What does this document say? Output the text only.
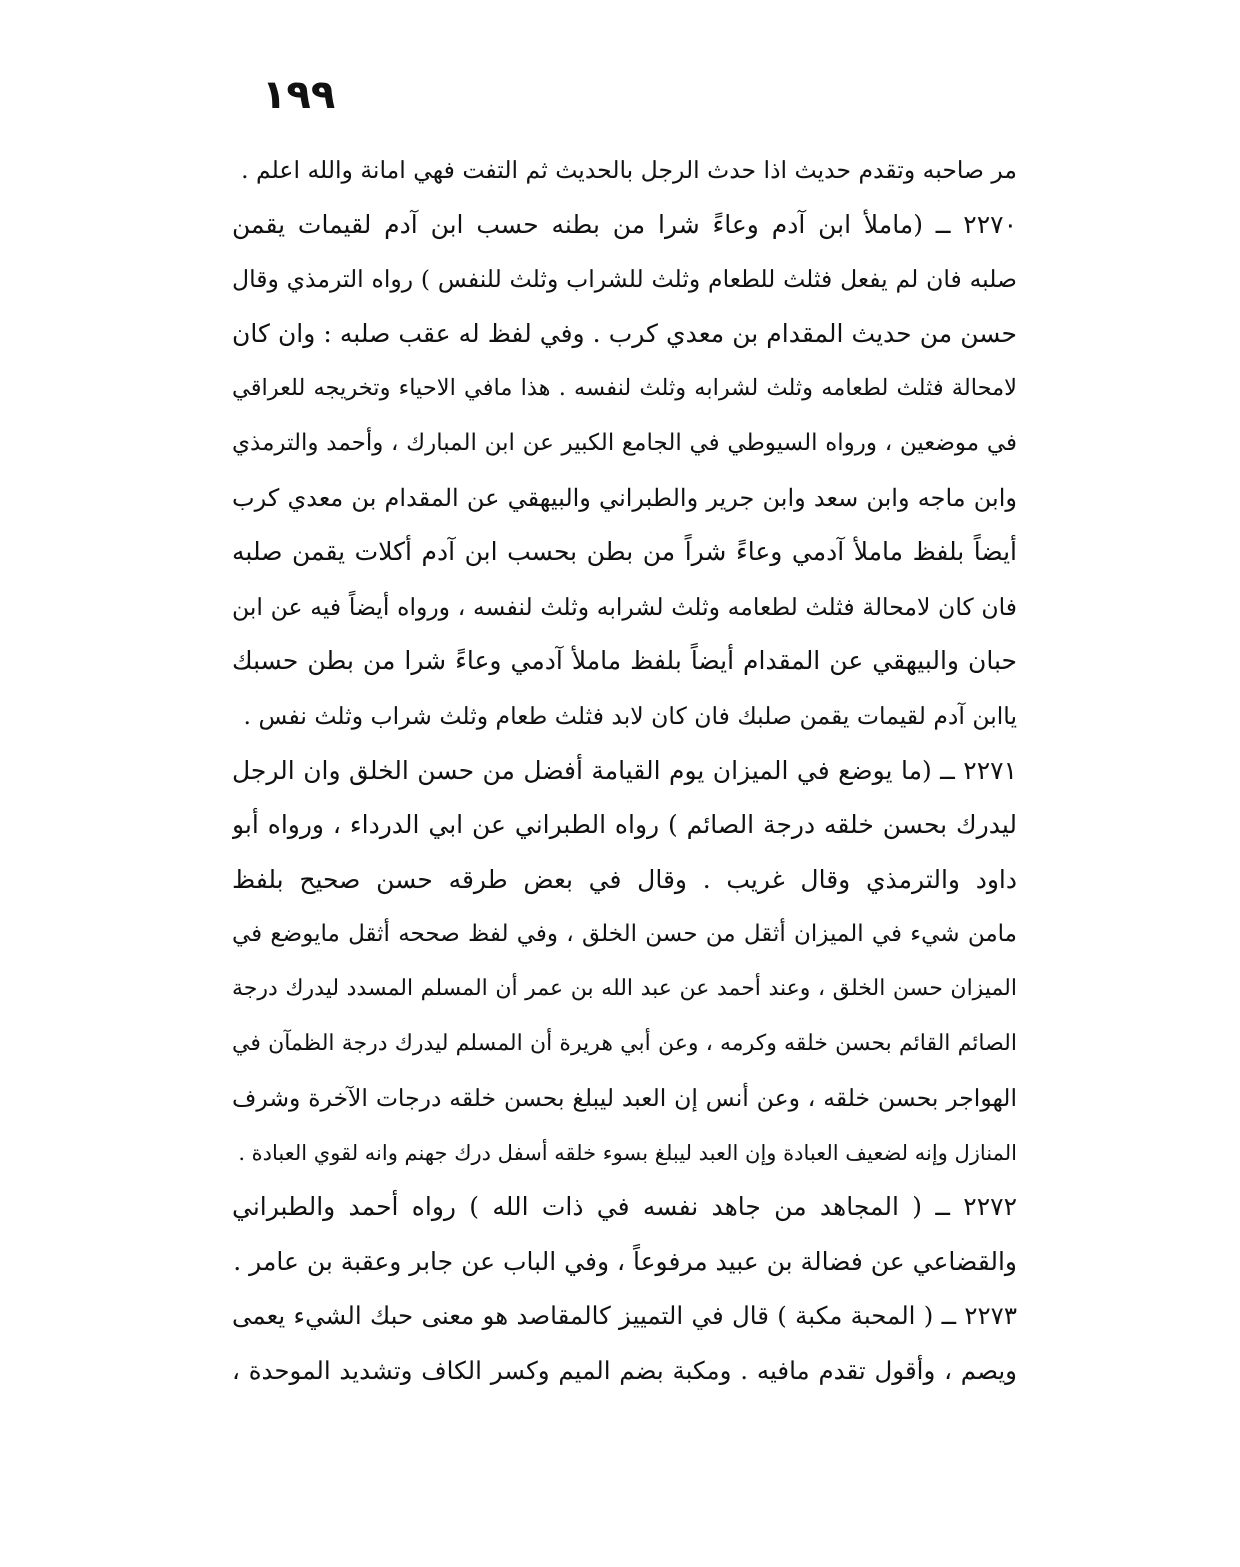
١٩٩
مر صاحبه وتقدم حديث اذا حدث الرجل بالحديث ثم التفت فهي امانة والله اعلم .
٢٢٧٠ ــ (ماملأ ابن آدم وعاءً شرا من بطنه حسب ابن آدم لقيمات يقمن
صلبه فان لم يفعل فثلث للطعام وثلث للشراب وثلث للنفس ) رواه الترمذي وقال
حسن من حديث المقدام بن معدي كرب . وفي لفظ له عقب صلبه : وان كان
لامحالة فثلث لطعامه وثلث لشرابه وثلث لنفسه . هذا مافي الاحياء وتخريجه للعراقي
في موضعين ، ورواه السيوطي في الجامع الكبير عن ابن المبارك ، وأحمد والترمذي
وابن ماجه وابن سعد وابن جرير والطبراني والبيهقي عن المقدام بن معدي كرب
أيضاً بلفظ ماملأ آدمي وعاءً شراً من بطن بحسب ابن آدم أكلات يقمن صلبه
فان كان لامحالة فثلث لطعامه وثلث لشرابه وثلث لنفسه ، ورواه أيضاً فيه عن ابن
حبان والبيهقي عن المقدام أيضاً بلفظ ماملأ آدمي وعاءً شرا من بطن حسبك
ياابن آدم لقيمات يقمن صلبك فان كان لابد فثلث طعام وثلث شراب وثلث نفس .
٢٢٧١ ــ (ما يوضع في الميزان يوم القيامة أفضل من حسن الخلق وان الرجل
ليدرك بحسن خلقه درجة الصائم ) رواه الطبراني عن ابي الدرداء ، ورواه أبو
داود والترمذي وقال غريب . وقال في بعض طرقه حسن صحيح بلفظ
مامن شيء في الميزان أثقل من حسن الخلق ، وفي لفظ صححه أثقل مايوضع في
الميزان حسن الخلق ، وعند أحمد عن عبد الله بن عمر أن المسلم المسدد ليدرك درجة
الصائم القائم بحسن خلقه وكرمه ، وعن أبي هريرة أن المسلم ليدرك درجة الظمآن في
الهواجر بحسن خلقه ، وعن أنس إن العبد ليبلغ بحسن خلقه درجات الآخرة وشرف
المنازل وإنه لضعيف العبادة وإن العبد ليبلغ بسوء خلقه أسفل درك جهنم وانه لقوي العبادة .
٢٢٧٢ ــ ( المجاهد من جاهد نفسه في ذات الله ) رواه أحمد والطبراني
والقضاعي عن فضالة بن عبيد مرفوعاً ، وفي الباب عن جابر وعقبة بن عامر .
٢٢٧٣ ــ ( المحبة مكبة ) قال في التمييز كالمقاصد هو معنى حبك الشيء يعمى
ويصم ، وأقول تقدم مافيه . ومكبة بضم الميم وكسر الكاف وتشديد الموحدة ،
